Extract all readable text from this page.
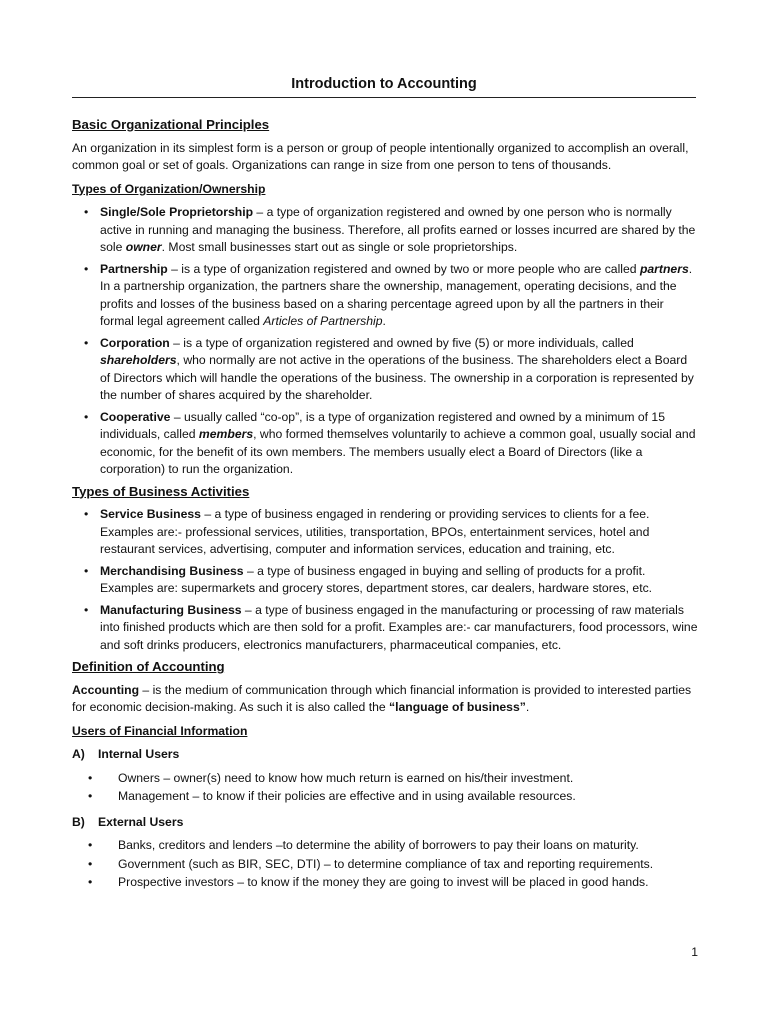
Introduction to Accounting
Basic Organizational Principles

An organization in its simplest form is a person or group of people intentionally organized to accomplish an overall, common goal or set of goals. Organizations can range in size from one person to tens of thousands.

Types of Organization/Ownership
• Single/Sole Proprietorship – a type of organization registered and owned by one person who is normally active in running and managing the business. Therefore, all profits earned or losses incurred are shared by the sole owner. Most small businesses start out as single or sole proprietorships.
• Partnership – is a type of organization registered and owned by two or more people who are called partners. In a partnership organization, the partners share the ownership, management, operating decisions, and the profits and losses of the business based on a sharing percentage agreed upon by all the partners in their formal legal agreement called Articles of Partnership.
• Corporation – is a type of organization registered and owned by five (5) or more individuals, called shareholders, who normally are not active in the operations of the business. The shareholders elect a Board of Directors which will handle the operations of the business. The ownership in a corporation is represented by the number of shares acquired by the shareholder.
• Cooperative – usually called “co-op”, is a type of organization registered and owned by a minimum of 15 individuals, called members, who formed themselves voluntarily to achieve a common goal, usually social and economic, for the benefit of its own members. The members usually elect a Board of Directors (like a corporation) to run the organization.
Types of Business Activities
• Service Business – a type of business engaged in rendering or providing services to clients for a fee. Examples are:- professional services, utilities, transportation, BPOs, entertainment services, hotel and restaurant services, advertising, computer and information services, education and training, etc.
• Merchandising Business – a type of business engaged in buying and selling of products for a profit. Examples are: supermarkets and grocery stores, department stores, car dealers, hardware stores, etc.
• Manufacturing Business – a type of business engaged in the manufacturing or processing of raw materials into finished products which are then sold for a profit. Examples are:- car manufacturers, food processors, wine and soft drinks producers, electronics manufacturers, pharmaceutical companies, etc.
Definition of Accounting

Accounting – is the medium of communication through which financial information is provided to interested parties for economic decision-making. As such it is also called the “language of business”.

Users of Financial Information
A) Internal Users
• Owners – owner(s) need to know how much return is earned on his/their investment.
• Management – to know if their policies are effective and in using available resources.
B) External Users
• Banks, creditors and lenders –to determine the ability of borrowers to pay their loans on maturity.
• Government (such as BIR, SEC, DTI) – to determine compliance of tax and reporting requirements.
• Prospective investors – to know if the money they are going to invest will be placed in good hands.
1
